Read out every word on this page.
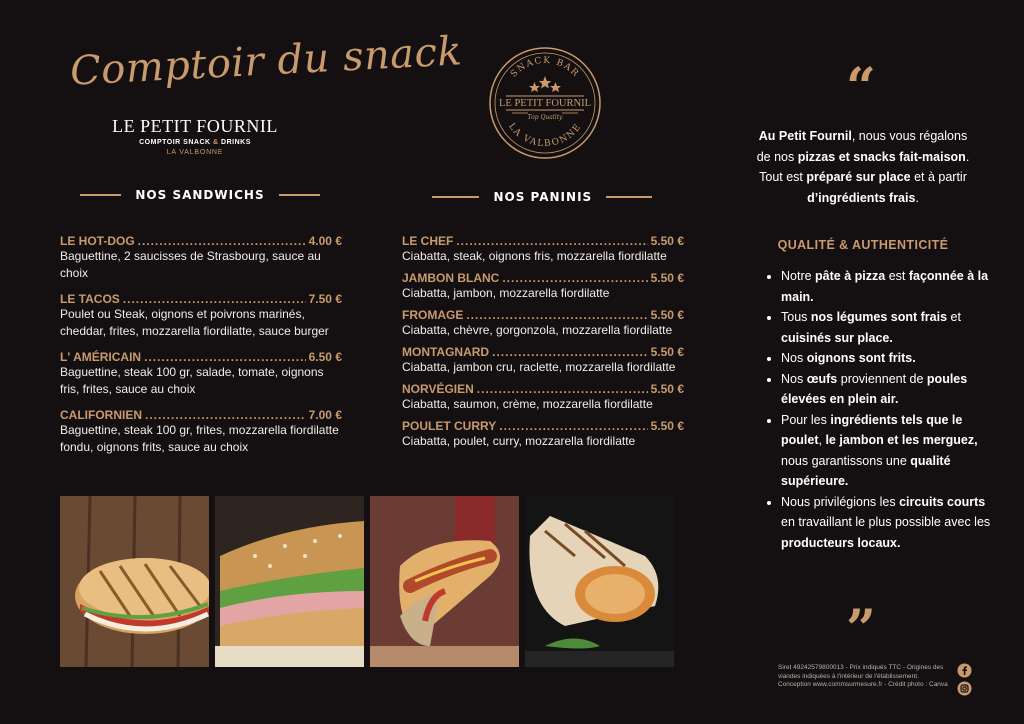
Comptoir du snack
LE PETIT FOURNIL
COMPTOIR SNACK & DRINKS
LA VALBONNE
SNACK BAR
LA VALBONNE
LE PETIT FOURNIL
Top Quality
NOS SANDWICHS	NOS PANINIS
LE HOT-DOG .....	4.00 €
Baguettine, 2 saucisses de Strasbourg, sauce au choix
LE TACOS .....	7.50 €
Poulet ou Steak, oignons et poivrons marinés, cheddar, frites, mozzarella fiordilatte, sauce burger
L' AMÉRICAIN .....	6.50 €
Baguettine, steak 100 gr, salade, tomate, oignons fris, frites, sauce au choix
CALIFORNIEN .....	7.00 €
Baguettine, steak 100 gr, frites, mozzarella fiordilatte fondu, oignons frits, sauce au choix
LE CHEF .....	5.50 €
Ciabatta, steak, oignons fris, mozzarella fiordilatte
JAMBON BLANC .....	5.50 €
Ciabatta, jambon, mozzarella fiordilatte
FROMAGE .....	5.50 €
Ciabatta, chèvre, gorgonzola, mozzarella fiordilatte
MONTAGNARD .....	5.50 €
Ciabatta, jambon cru, raclette, mozzarella fiordilatte
NORVÉGIEN .....	5.50 €
Ciabatta, saumon, crème, mozzarella fiordilatte
POULET CURRY .....	5.50 €
Ciabatta, poulet, curry, mozzarella fiordilatte
“
Au Petit Fournil, nous vous régalons de nos pizzas et snacks fait-maison. Tout est préparé sur place et à partir d’ingrédients frais.
QUALITÉ & AUTHENTICITÉ
• Notre pâte à pizza est façonnée à la main.
• Tous nos légumes sont frais et cuisinés sur place.
• Nos oignons sont frits.
• Nos œufs proviennent de poules élevées en plein air.
• Pour les ingrédients tels que le poulet, le jambon et les merguez, nous garantissons une qualité supérieure.
• Nous privilégions les circuits courts en travaillant le plus possible avec les producteurs locaux.
”
Siret 49242579800013 - Prix indiqués TTC - Origines des viandes indiquées à l'intérieur de l'établissement. Conception www.commsurmesure.fr - Crédit photo : Canva
